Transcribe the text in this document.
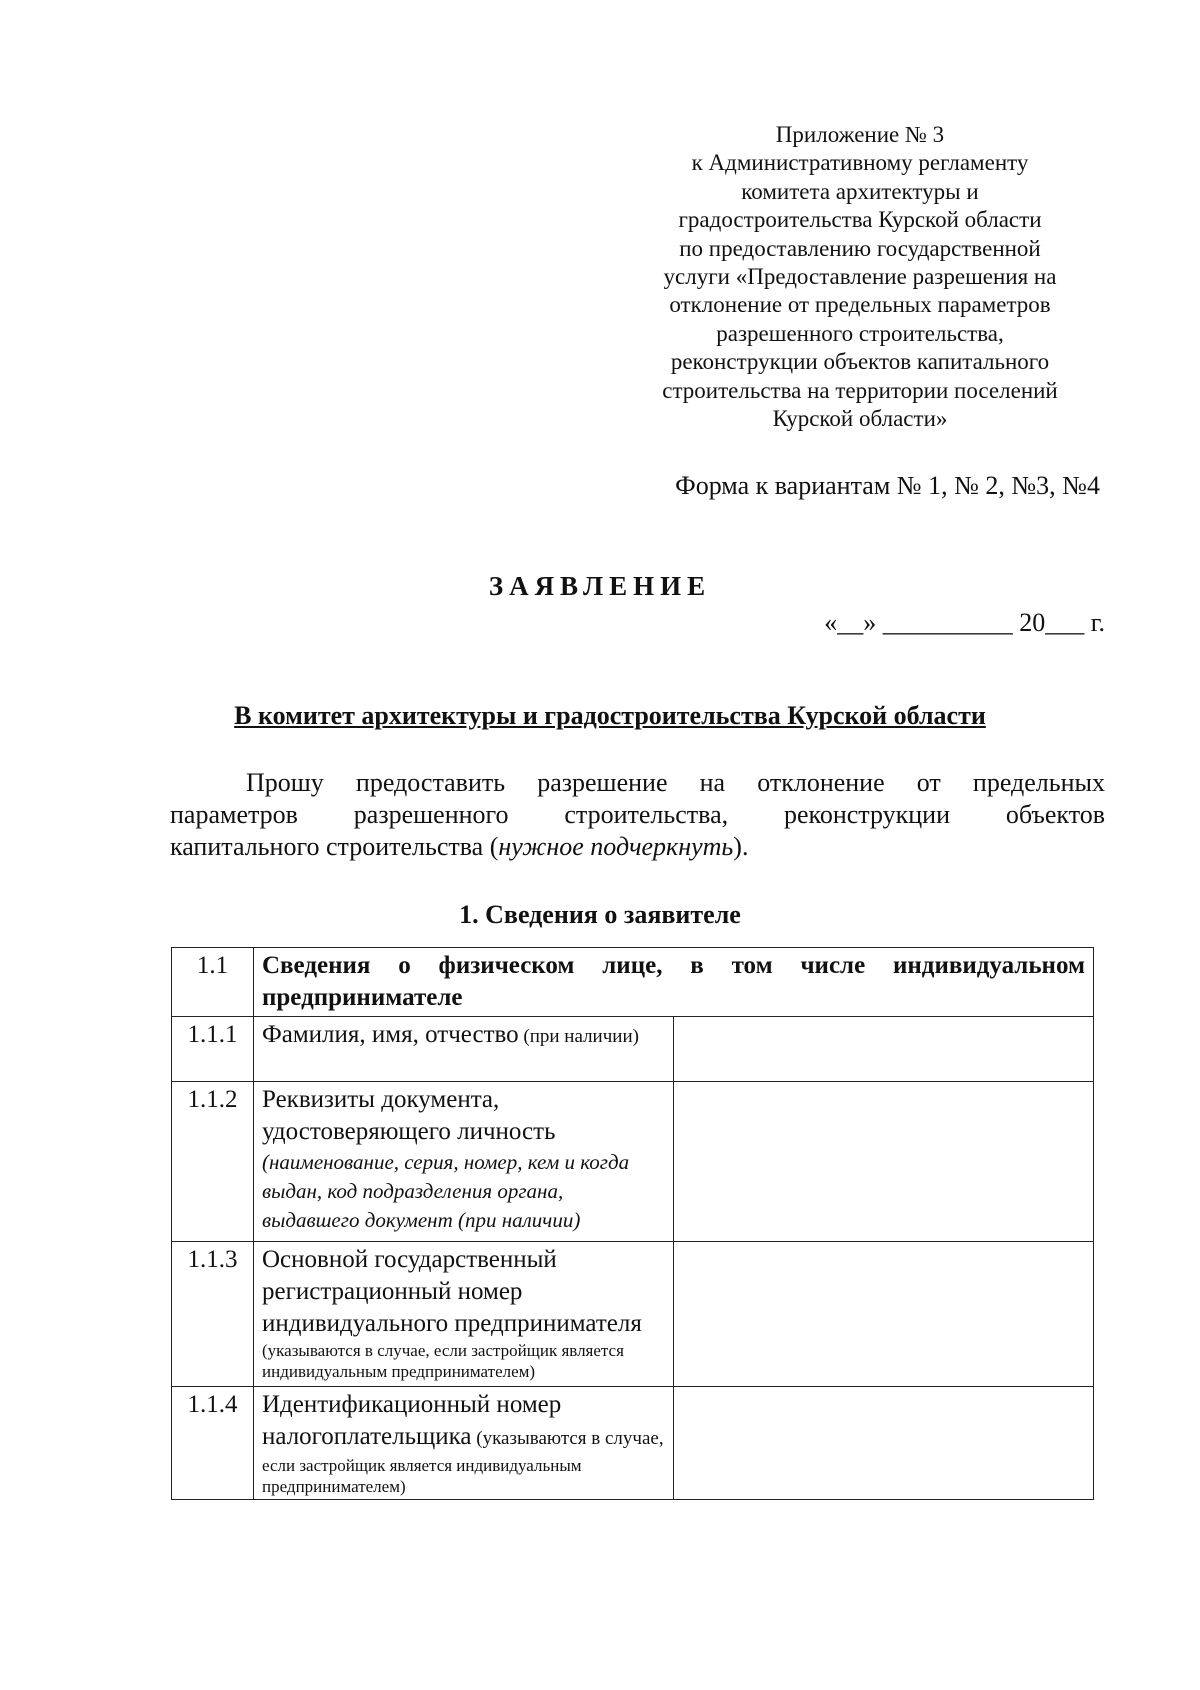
Приложение № 3
к Административному регламенту
комитета архитектуры и
градостроительства Курской области
по предоставлению государственной
услуги «Предоставление разрешения на
отклонение от предельных параметров
разрешенного строительства,
реконструкции объектов капитального
строительства на территории поселений
Курской области»
Форма к вариантам № 1, № 2, №3, №4
ЗАЯВЛЕНИЕ
«__» __________ 20___ г.
В комитет архитектуры и градостроительства Курской области
Прошу предоставить разрешение на отклонение от предельных
параметров разрешенного строительства, реконструкции объектов
капитального строительства (нужное подчеркнуть).
1. Сведения о заявителе
1.1	Сведения о физическом лице, в том числе индивидуальном предпринимателе	
1.1.1	Фамилия, имя, отчество (при наличии)	
1.1.2	Реквизиты документа, удостоверяющего личность
(наименование, серия, номер, кем и когда выдан, код подразделения органа, выдавшего документ (при наличии)	

1.1.3	Основной государственный регистрационный номер индивидуального предпринимателя
(указываются в случае, если застройщик является индивидуальным предпринимателем)	

1.1.4	Идентификационный номер налогоплательщика (указываются в случае,
если застройщик является индивидуальным предпринимателем)	
